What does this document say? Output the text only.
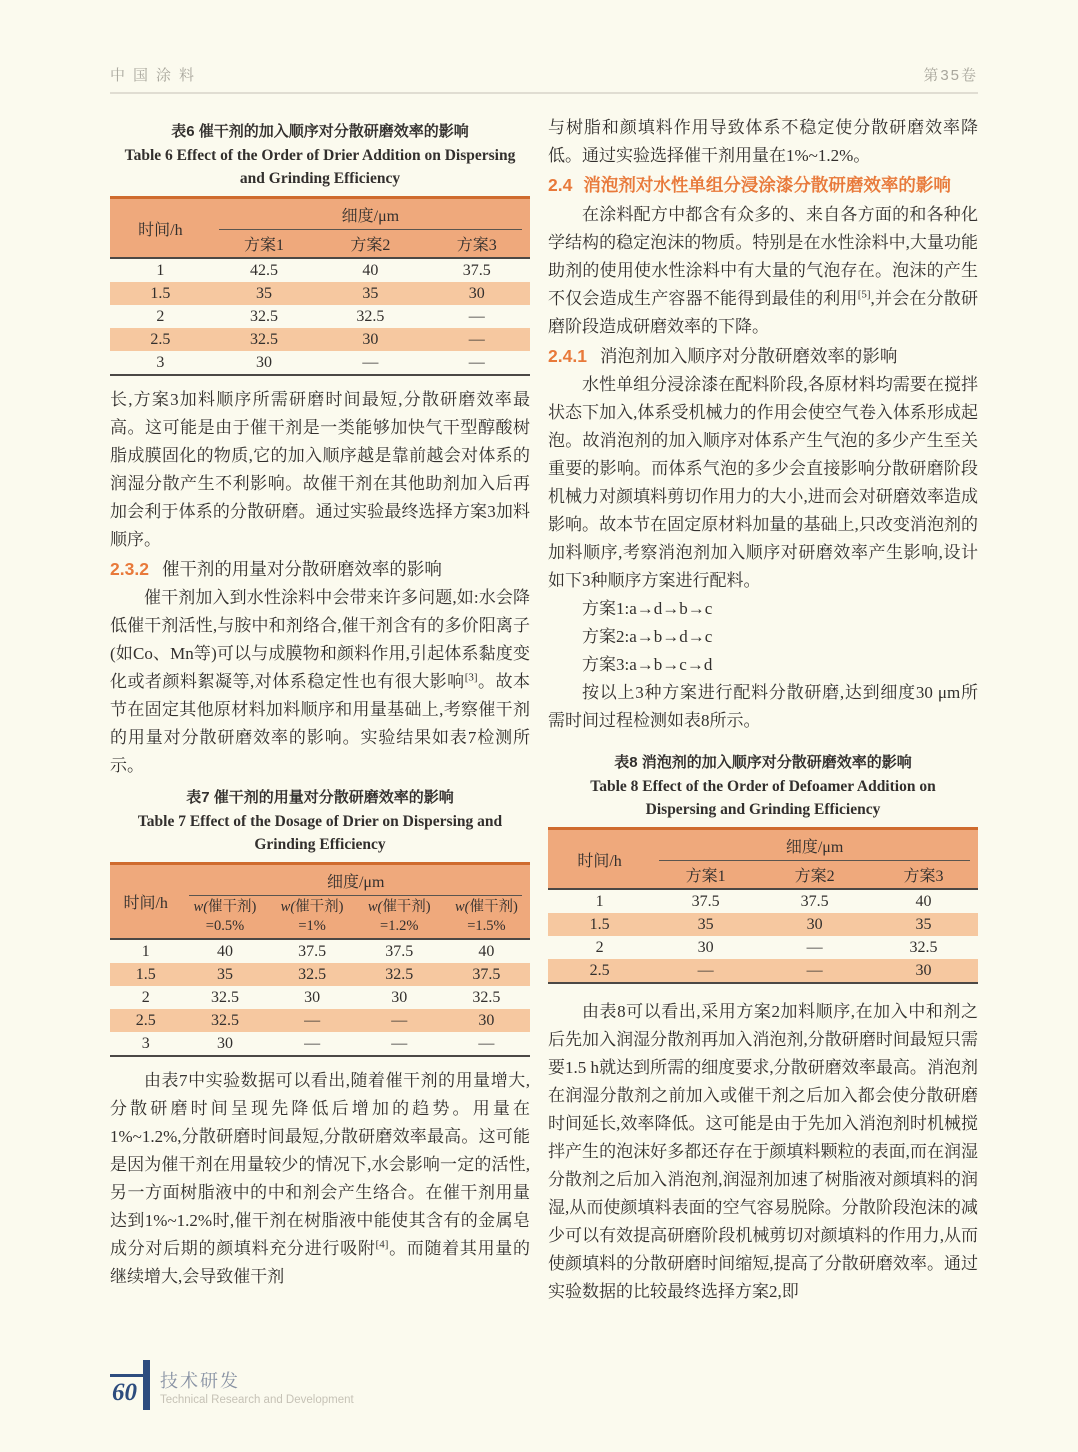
中国涂料	第35卷
表6 催干剂的加入顺序对分散研磨效率的影响
Table 6 Effect of the Order of Drier Addition on Dispersing and Grinding Efficiency
时间/h	细度/μm		

	方案1	方案2	方案3
1	42.5	40	37.5
1.5	35	35	30
2	32.5	32.5	—
2.5	32.5	30	—
3	30	—	—

长,方案3加料顺序所需研磨时间最短,分散研磨效率最高。这可能是由于催干剂是一类能够加快气干型醇酸树脂成膜固化的物质,它的加入顺序越是靠前越会对体系的润湿分散产生不利影响。故催干剂在其他助剂加入后再加会利于体系的分散研磨。通过实验最终选择方案3加料顺序。

2.3.2 催干剂的用量对分散研磨效率的影响

催干剂加入到水性涂料中会带来许多问题,如:水会降低催干剂活性,与胺中和剂络合,催干剂含有的多价阳离子(如Co、Mn等)可以与成膜物和颜料作用,引起体系黏度变化或者颜料絮凝等,对体系稳定性也有很大影响[3]。故本节在固定其他原材料加料顺序和用量基础上,考察催干剂的用量对分散研磨效率的影响。实验结果如表7检测所示。

表7 催干剂的用量对分散研磨效率的影响
Table 7 Effect of the Dosage of Drier on Dispersing and Grinding Efficiency
时间/h	细度/μm			

w(催干剂)
=0.5%

w(催干剂)
=1%

w(催干剂)
=1.2%

w(催干剂)
=1.5%

1	40	37.5	37.5	40
1.5	35	32.5	32.5	37.5
2	32.5	30	30	32.5
2.5	32.5	—	—	30
3	30	—	—	—

由表7中实验数据可以看出,随着催干剂的用量增大,分散研磨时间呈现先降低后增加的趋势。用量在1%~1.2%,分散研磨时间最短,分散研磨效率最高。这可能是因为催干剂在用量较少的情况下,水会影响一定的活性,另一方面树脂液中的中和剂会产生络合。在催干剂用量达到1%~1.2%时,催干剂在树脂液中能使其含有的金属皂成分对后期的颜填料充分进行吸附[4]。而随着其用量的继续增大,会导致催干剂

与树脂和颜填料作用导致体系不稳定使分散研磨效率降低。通过实验选择催干剂用量在1%~1.2%。

2.4 消泡剂对水性单组分浸涂漆分散研磨效率的影响

在涂料配方中都含有众多的、来自各方面的和各种化学结构的稳定泡沫的物质。特别是在水性涂料中,大量功能助剂的使用使水性涂料中有大量的气泡存在。泡沫的产生不仅会造成生产容器不能得到最佳的利用[5],并会在分散研磨阶段造成研磨效率的下降。

2.4.1 消泡剂加入顺序对分散研磨效率的影响

水性单组分浸涂漆在配料阶段,各原材料均需要在搅拌状态下加入,体系受机械力的作用会使空气卷入体系形成起泡。故消泡剂的加入顺序对体系产生气泡的多少产生至关重要的影响。而体系气泡的多少会直接影响分散研磨阶段机械力对颜填料剪切作用力的大小,进而会对研磨效率造成影响。故本节在固定原材料加量的基础上,只改变消泡剂的加料顺序,考察消泡剂加入顺序对研磨效率产生影响,设计如下3种顺序方案进行配料。

方案1:a→d→b→c

方案2:a→b→d→c

方案3:a→b→c→d

按以上3种方案进行配料分散研磨,达到细度30 μm所需时间过程检测如表8所示。

表8 消泡剂的加入顺序对分散研磨效率的影响
Table 8 Effect of the Order of Defoamer Addition on Dispersing and Grinding Efficiency
时间/h	细度/μm		

	方案1	方案2	方案3
1	37.5	37.5	40
1.5	35	30	35
2	30	—	32.5
2.5	—	—	30

由表8可以看出,采用方案2加料顺序,在加入中和剂之后先加入润湿分散剂再加入消泡剂,分散研磨时间最短只需要1.5 h就达到所需的细度要求,分散研磨效率最高。消泡剂在润湿分散剂之前加入或催干剂之后加入都会使分散研磨时间延长,效率降低。这可能是由于先加入消泡剂时机械搅拌产生的泡沫好多都还存在于颜填料颗粒的表面,而在润湿分散剂之后加入消泡剂,润湿剂加速了树脂液对颜填料的润湿,从而使颜填料表面的空气容易脱除。分散阶段泡沫的减少可以有效提高研磨阶段机械剪切对颜填料的作用力,从而使颜填料的分散研磨时间缩短,提高了分散研磨效率。通过实验数据的比较最终选择方案2,即

60	技术研发
Technical Research and Development
